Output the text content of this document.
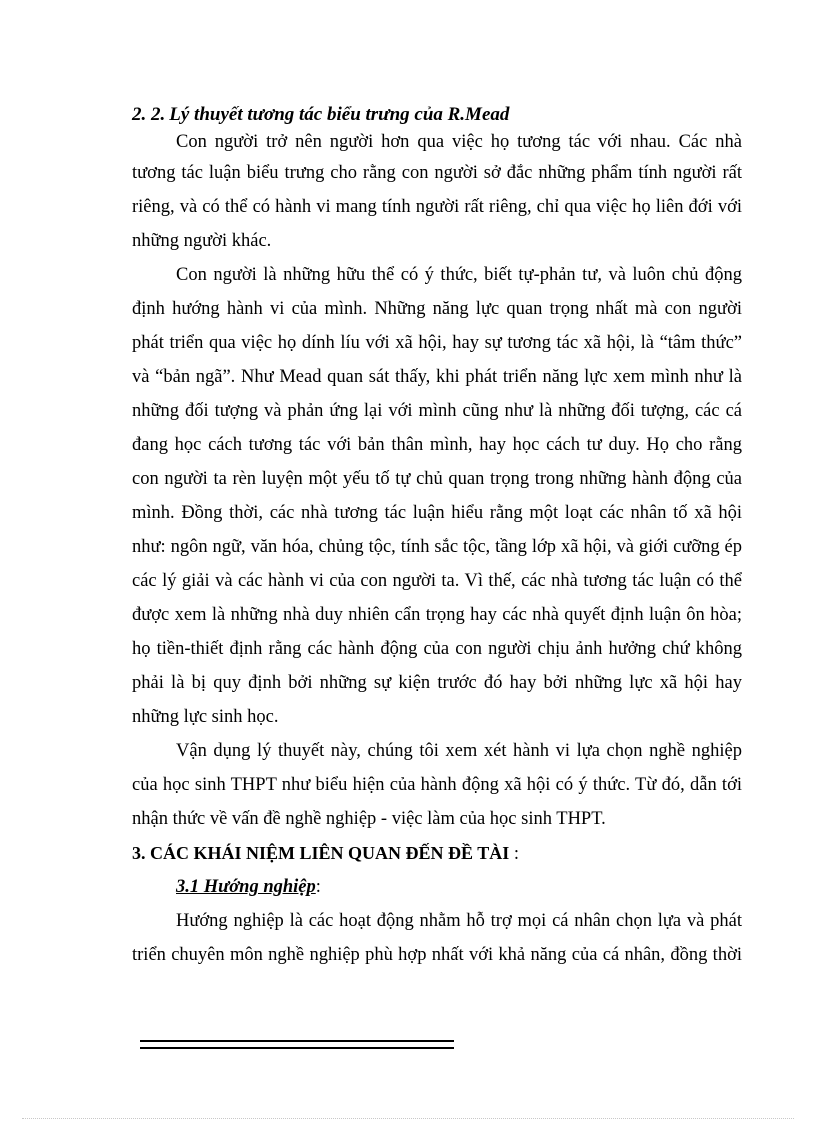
2. 2. Lý thuyết tương tác biểu trưng của R.Mead
Con người trở nên người hơn qua việc họ tương tác với nhau. Các nhà
tương tác luận biểu trưng cho rằng con người sở đắc những phẩm tính người rất
riêng, và có thể có hành vi mang tính người rất riêng, chỉ qua việc họ liên đới với
những người khác.
Con người là những hữu thể có ý thức, biết tự-phản tư, và luôn chủ động
định hướng hành vi của mình. Những năng lực quan trọng nhất mà con người
phát triển qua việc họ dính líu với xã hội, hay sự tương tác xã hội, là “tâm thức”
và “bản ngã”. Như Mead quan sát thấy, khi phát triển năng lực xem mình như là
những đối tượng và phản ứng lại với mình cũng như là những đối tượng, các cá
đang học cách tương tác với bản thân mình, hay học cách tư duy. Họ cho rằng
con người ta rèn luyện một yếu tố tự chủ quan trọng trong những hành động của
mình. Đồng thời, các nhà tương tác luận hiểu rằng một loạt các nhân tố xã hội
như: ngôn ngữ, văn hóa, chủng tộc, tính sắc tộc, tầng lớp xã hội, và giới cưỡng ép
các lý giải và các hành vi của con người ta. Vì thế, các nhà tương tác luận có thể
được xem là những nhà duy nhiên cẩn trọng hay các nhà quyết định luận ôn hòa;
họ tiền-thiết định rằng các hành động của con người chịu ảnh hưởng chứ không
phải là bị quy định bởi những sự kiện trước đó hay bởi những lực xã hội hay
những lực sinh học.
Vận dụng lý thuyết này, chúng tôi xem xét hành vi lựa chọn nghề nghiệp
của học sinh THPT như biểu hiện của hành động xã hội có ý thức. Từ đó, dẫn tới
nhận thức về vấn đề nghề nghiệp - việc làm của học sinh THPT.
3. CÁC KHÁI NIỆM LIÊN QUAN ĐẾN ĐỀ TÀI :
3.1 Hướng nghiệp:
Hướng nghiệp là các hoạt động nhằm hỗ trợ mọi cá nhân chọn lựa và phát
triển chuyên môn nghề nghiệp phù hợp nhất với khả năng của cá nhân, đồng thời
